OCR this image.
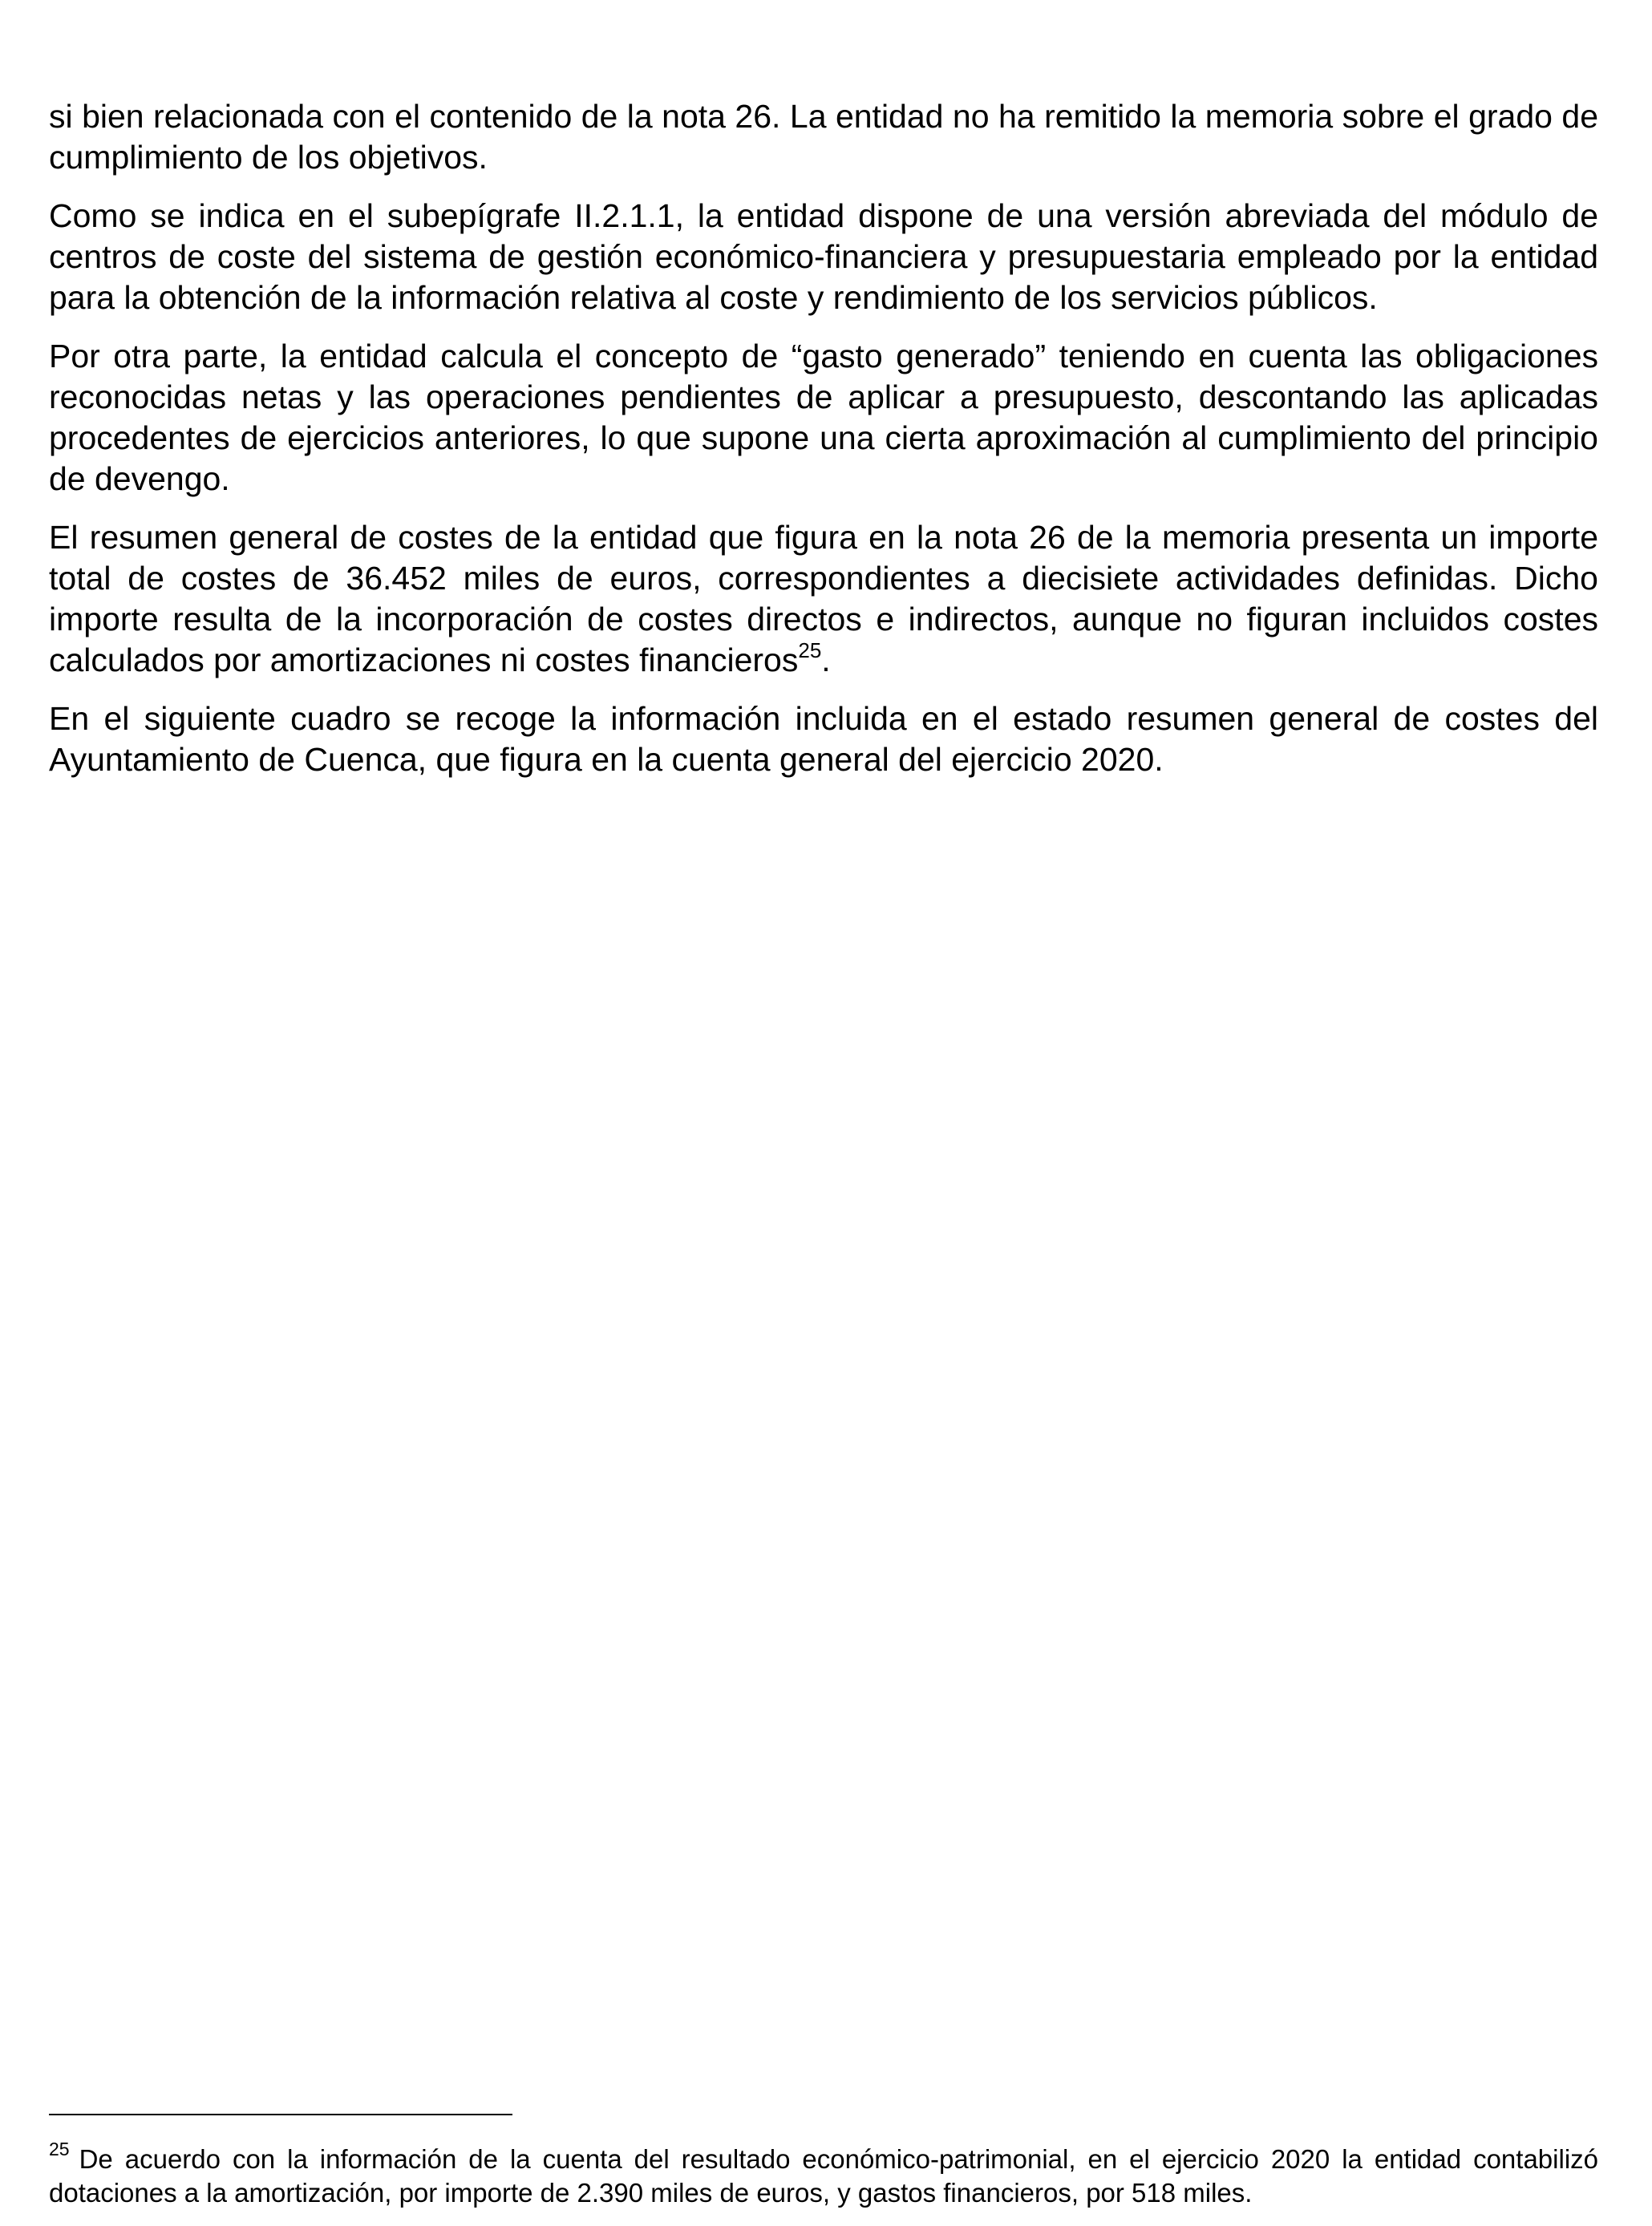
si bien relacionada con el contenido de la nota 26. La entidad no ha remitido la memoria sobre el grado de cumplimiento de los objetivos.

Como se indica en el subepígrafe II.2.1.1, la entidad dispone de una versión abreviada del módulo de centros de coste del sistema de gestión económico-financiera y presupuestaria empleado por la entidad para la obtención de la información relativa al coste y rendimiento de los servicios públicos.

Por otra parte, la entidad calcula el concepto de “gasto generado” teniendo en cuenta las obligaciones reconocidas netas y las operaciones pendientes de aplicar a presupuesto, descontando las aplicadas procedentes de ejercicios anteriores, lo que supone una cierta aproximación al cumplimiento del principio de devengo.

El resumen general de costes de la entidad que figura en la nota 26 de la memoria presenta un importe total de costes de 36.452 miles de euros, correspondientes a diecisiete actividades definidas. Dicho importe resulta de la incorporación de costes directos e indirectos, aunque no figuran incluidos costes calculados por amortizaciones ni costes financieros$^{25}$.

En el siguiente cuadro se recoge la información incluida en el estado resumen general de costes del Ayuntamiento de Cuenca, que figura en la cuenta general del ejercicio 2020.

$^{25}$ De acuerdo con la información de la cuenta del resultado económico-patrimonial, en el ejercicio 2020 la entidad contabilizó dotaciones a la amortización, por importe de 2.390 miles de euros, y gastos financieros, por 518 miles.
